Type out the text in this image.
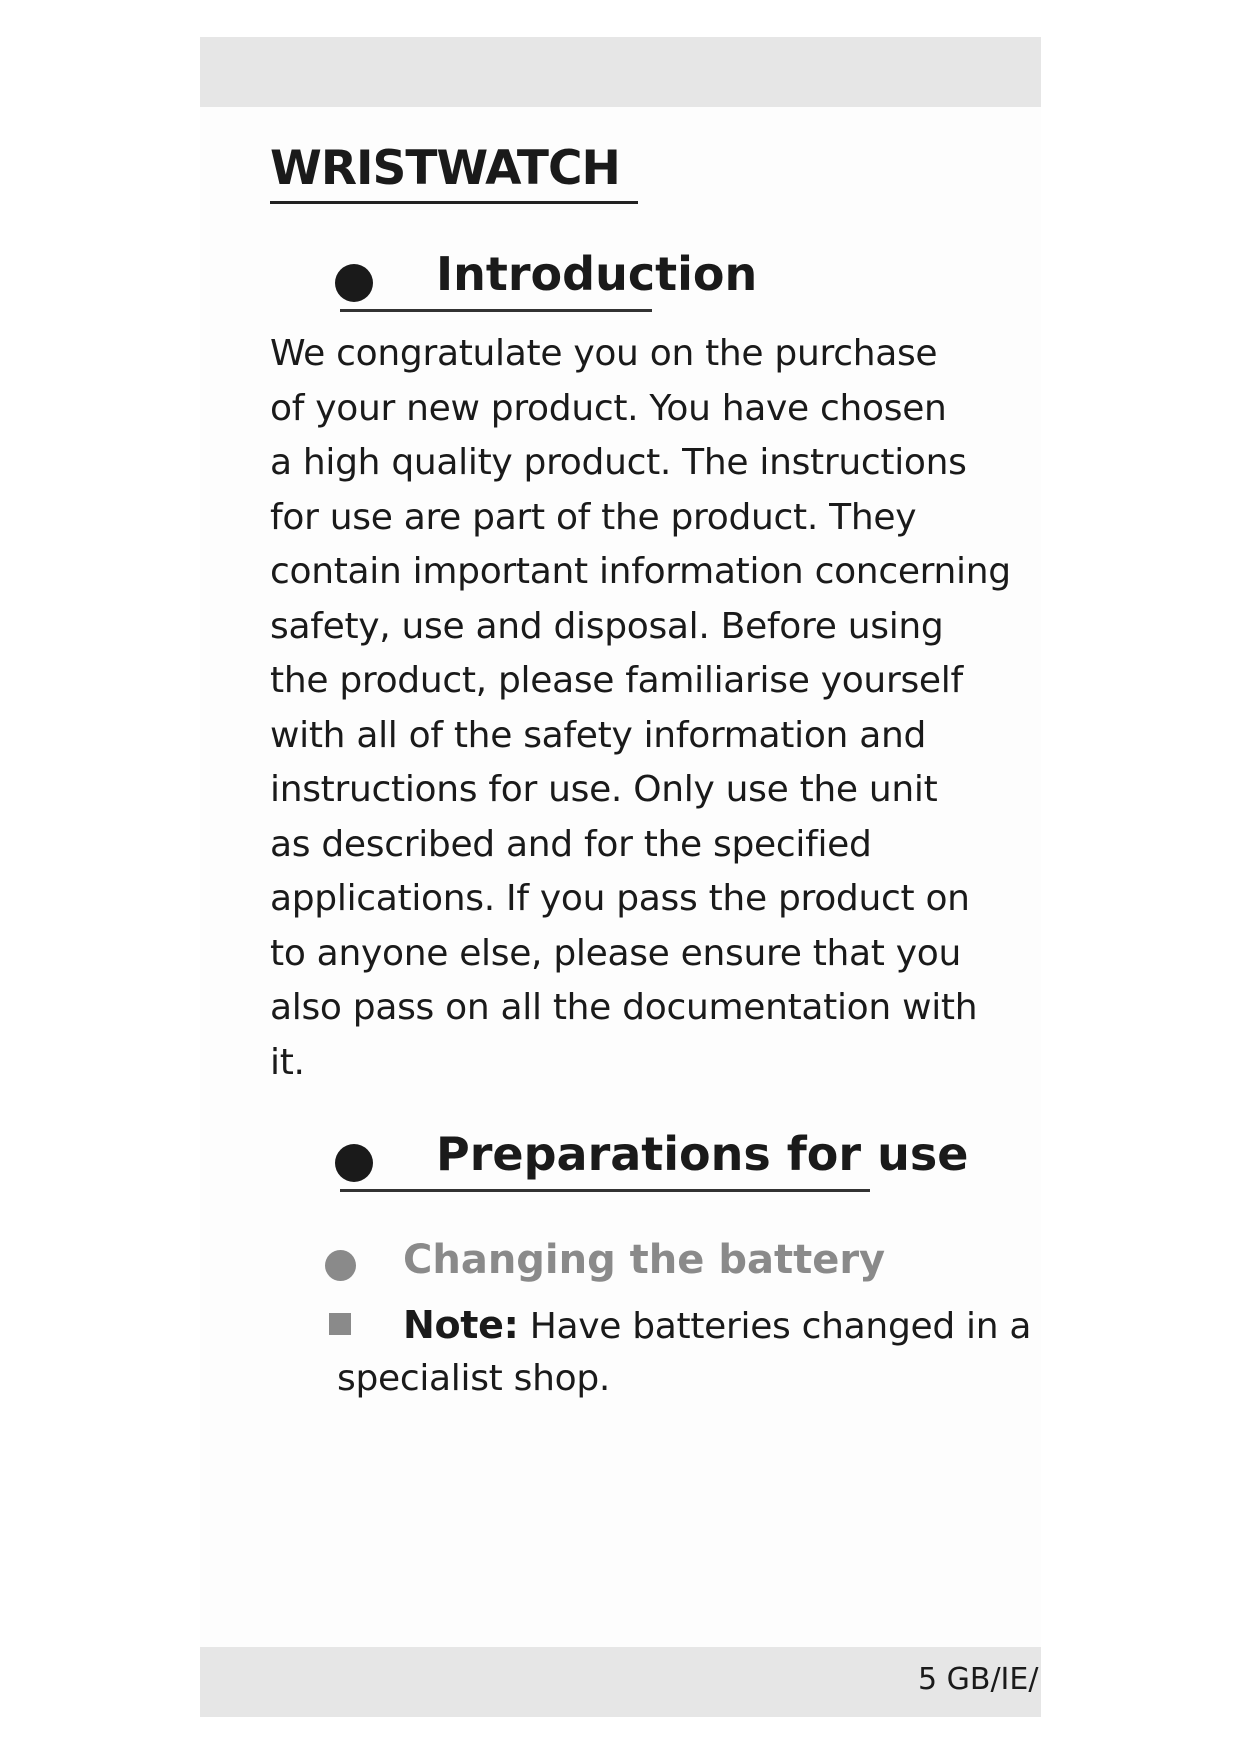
WRISTWATCH
Introduction

We congratulate you on the purchase
of your new product. You have chosen
a high quality product. The instructions
for use are part of the product. They
contain important information concerning
safety, use and disposal. Before using
the product, please familiarise yourself
with all of the safety information and
instructions for use. Only use the unit
as described and for the specified
applications. If you pass the product on
to anyone else, please ensure that you
also pass on all the documentation with
it.

Preparations for use
Changing the battery

Note: Have batteries changed in a
specialist shop.

5 GB/IE/
